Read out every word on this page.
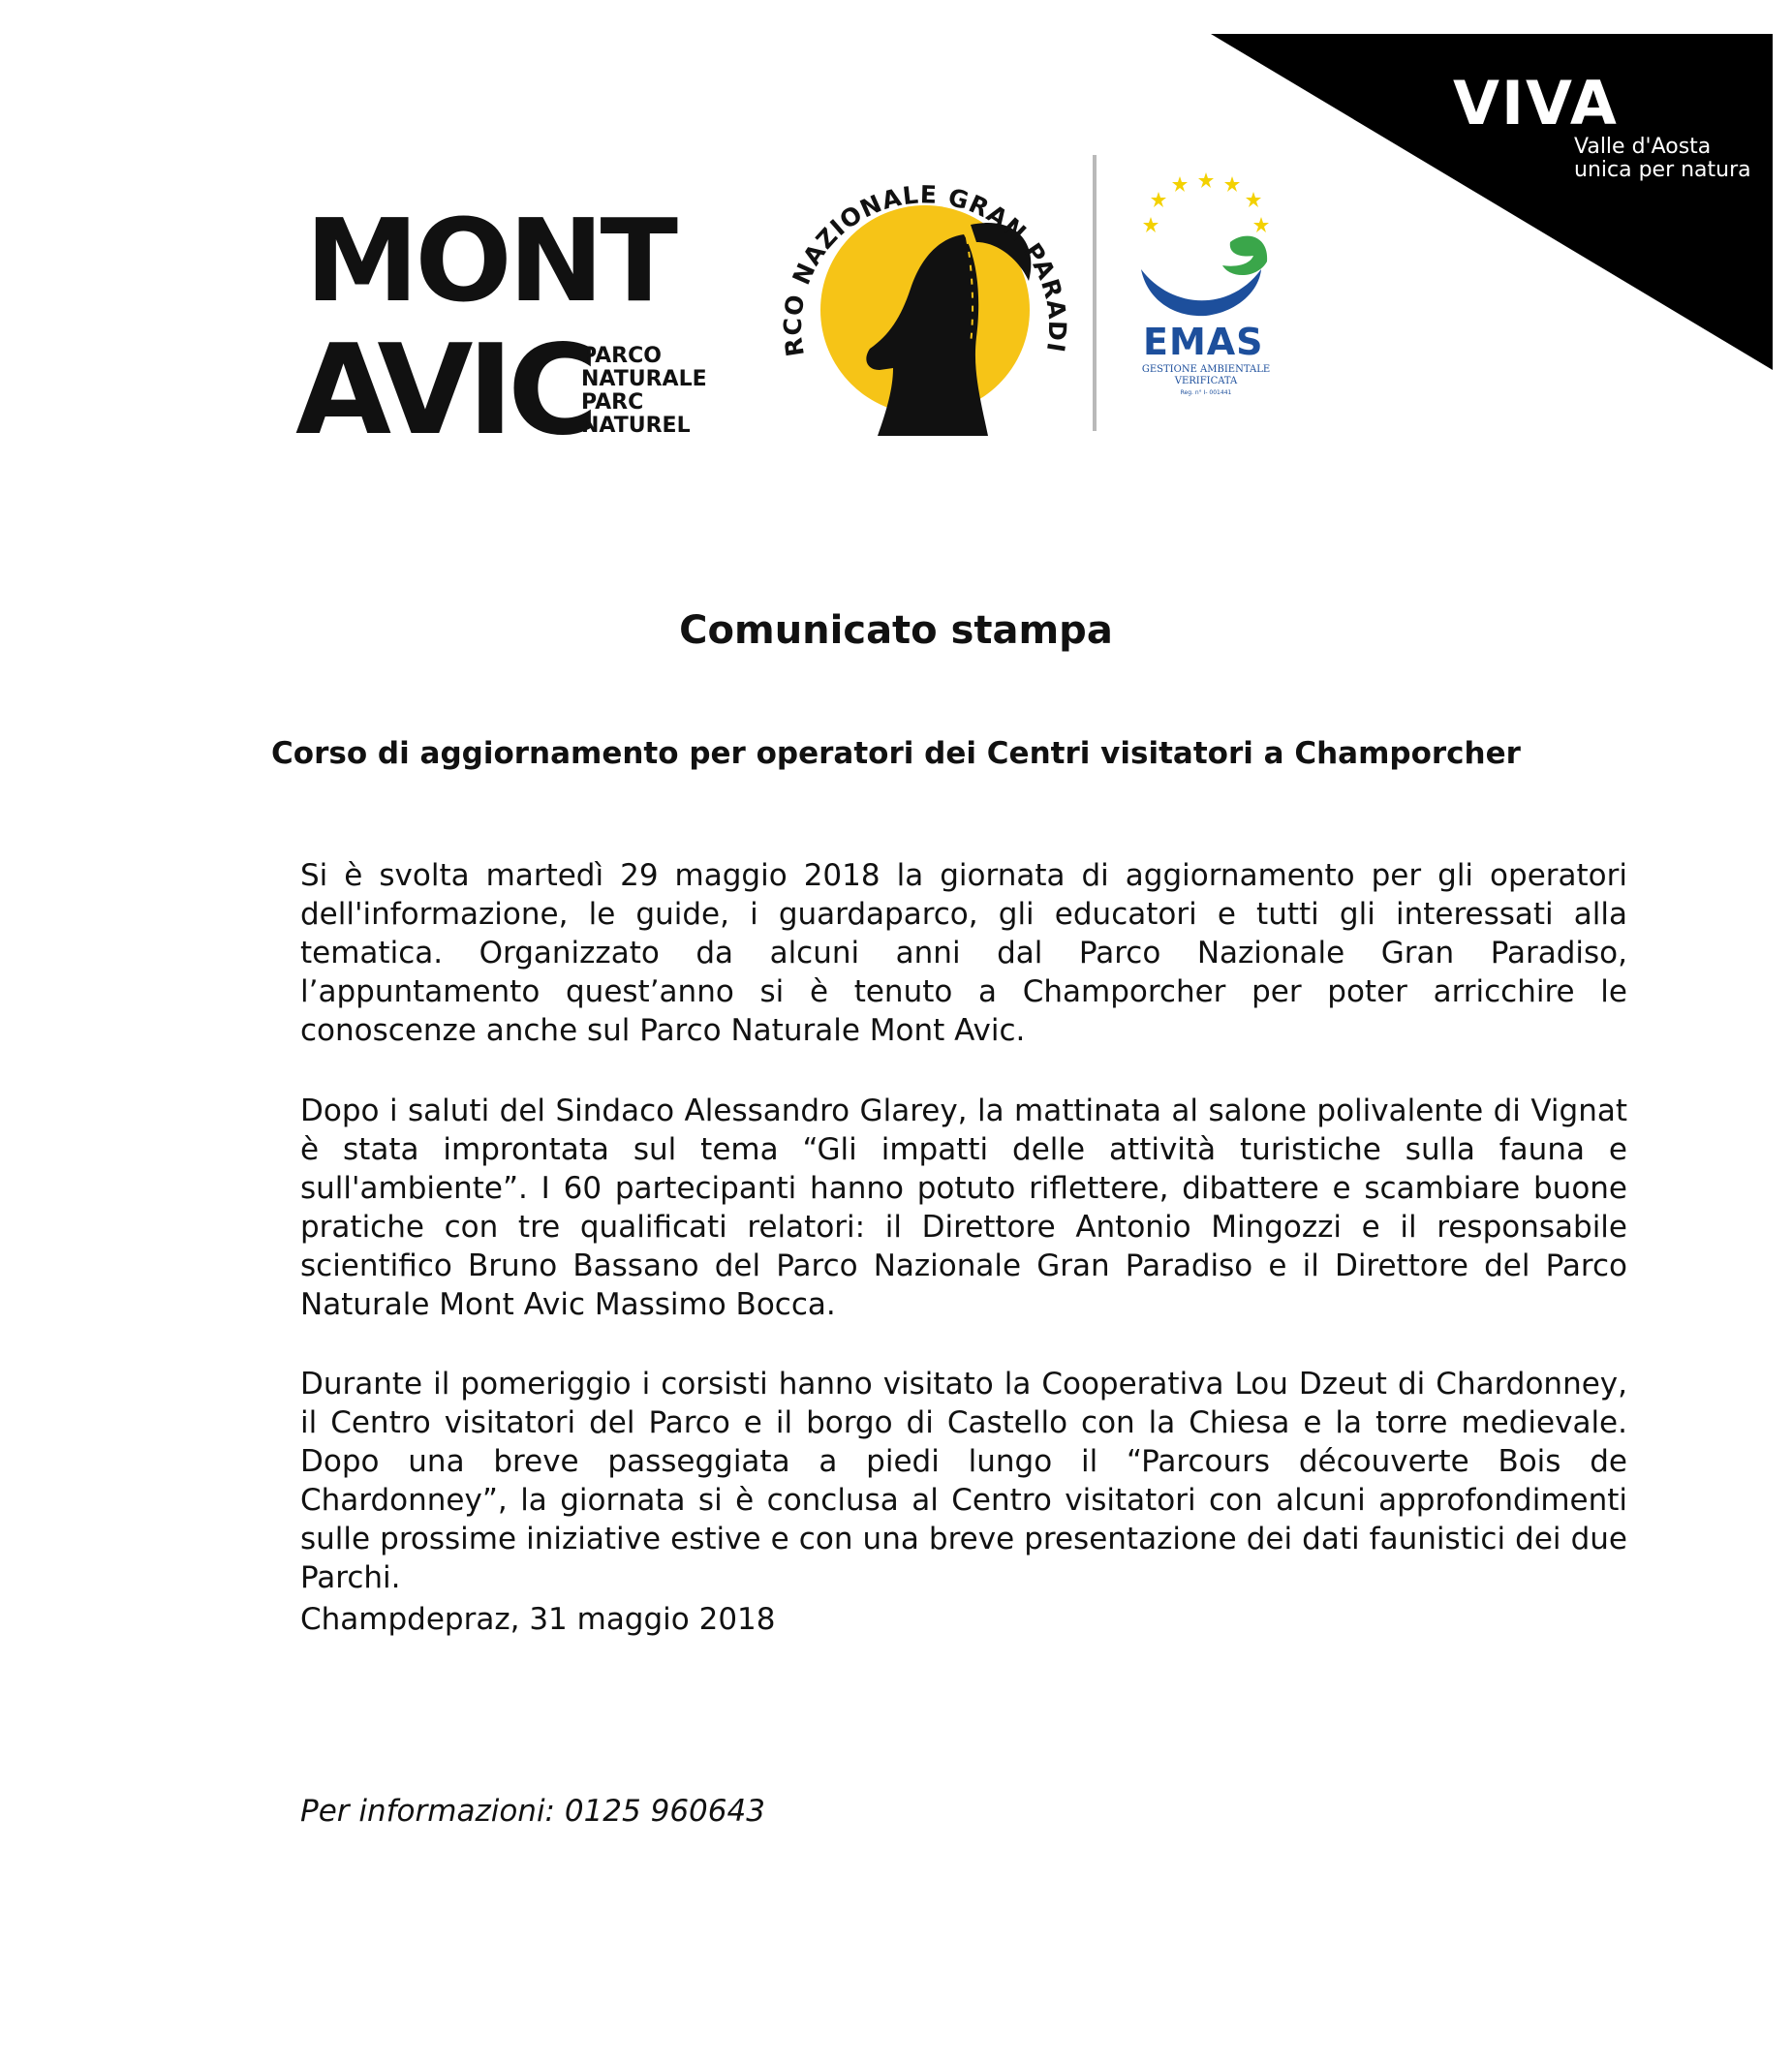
VIVA
Valle d'Aosta
unica per natura
MONT
AVIC
PARCO
NATURALE
PARC
NATUREL
RCO NAZIONALE GRAN PARADI EMAS
GESTIONE AMBIENTALE
VERIFICATA
Reg. n° I- 001441
Comunicato stampa
Corso di aggiornamento per operatori dei Centri visitatori a Champorcher

Si è svolta martedì 29 maggio 2018 la giornata di aggiornamento per gli operatori dell'informazione, le guide, i guardaparco, gli educatori e tutti gli interessati alla tematica. Organizzato da alcuni anni dal Parco Nazionale Gran Paradiso, l’appuntamento quest’anno si è tenuto a Champorcher per poter arricchire le conoscenze anche sul Parco Naturale Mont Avic.

Dopo i saluti del Sindaco Alessandro Glarey, la mattinata al salone polivalente di Vignat è stata improntata sul tema “Gli impatti delle attività turistiche sulla fauna e sull'ambiente”. I 60 partecipanti hanno potuto riflettere, dibattere e scambiare buone pratiche con tre qualificati relatori: il Direttore Antonio Mingozzi e il responsabile scientifico Bruno Bassano del Parco Nazionale Gran Paradiso e il Direttore del Parco Naturale Mont Avic Massimo Bocca.

Durante il pomeriggio i corsisti hanno visitato la Cooperativa Lou Dzeut di Chardonney, il Centro visitatori del Parco e il borgo di Castello con la Chiesa e la torre medievale. Dopo una breve passeggiata a piedi lungo il “Parcours découverte Bois de Chardonney”, la giornata si è conclusa al Centro visitatori con alcuni approfondimenti sulle prossime iniziative estive e con una breve presentazione dei dati faunistici dei due Parchi.

Champdepraz, 31 maggio 2018

Per informazioni: 0125 960643
